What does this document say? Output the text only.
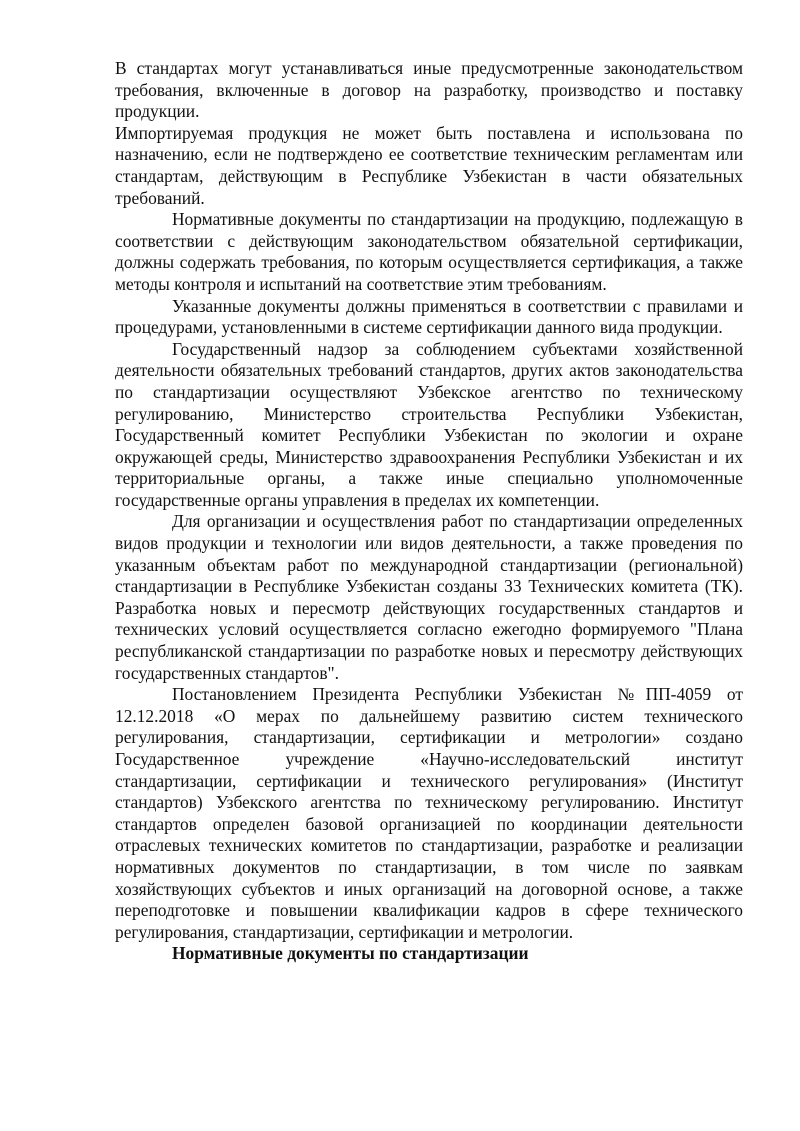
В стандартах могут устанавливаться иные предусмотренные законодательством требования, включенные в договор на разработку, производство и поставку продукции.

Импортируемая продукция не может быть поставлена и использована по назначению, если не подтверждено ее соответствие техническим регламентам или стандартам, действующим в Республике Узбекистан в части обязательных требований.

Нормативные документы по стандартизации на продукцию, подлежащую в соответствии с действующим законодательством обязательной сертификации, должны содержать требования, по которым осуществляется сертификация, а также методы контроля и испытаний на соответствие этим требованиям.

Указанные документы должны применяться в соответствии с правилами и процедурами, установленными в системе сертификации данного вида продукции.

Государственный надзор за соблюдением субъектами хозяйственной деятельности обязательных требований стандартов, других актов законодательства по стандартизации осуществляют Узбекское агентство по техническому регулированию, Министерство строительства Республики Узбекистан, Государственный комитет Республики Узбекистан по экологии и охране окружающей среды, Министерство здравоохранения Республики Узбекистан и их территориальные органы, а также иные специально уполномоченные государственные органы управления в пределах их компетенции.

Для организации и осуществления работ по стандартизации определенных видов продукции и технологии или видов деятельности, а также проведения по указанным объектам работ по международной стандартизации (региональной) стандартизации в Республике Узбекистан созданы 33 Технических комитета (ТК). Разработка новых и пересмотр действующих государственных стандартов и технических условий осуществляется согласно ежегодно формируемого "Плана республиканской стандартизации по разработке новых и пересмотру действующих государственных стандартов".

Постановлением Президента Республики Узбекистан №ПП-4059 от 12.12.2018 «О мерах по дальнейшему развитию систем технического регулирования, стандартизации, сертификации и метрологии» создано Государственное учреждение «Научно-исследовательский институт стандартизации, сертификации и технического регулирования» (Институт стандартов) Узбекского агентства по техническому регулированию. Институт стандартов определен базовой организацией по координации деятельности отраслевых технических комитетов по стандартизации, разработке и реализации нормативных документов по стандартизации, в том числе по заявкам хозяйствующих субъектов и иных организаций на договорной основе, а также переподготовке и повышении квалификации кадров в сфере технического регулирования, стандартизации, сертификации и метрологии.

Нормативные документы по стандартизации
